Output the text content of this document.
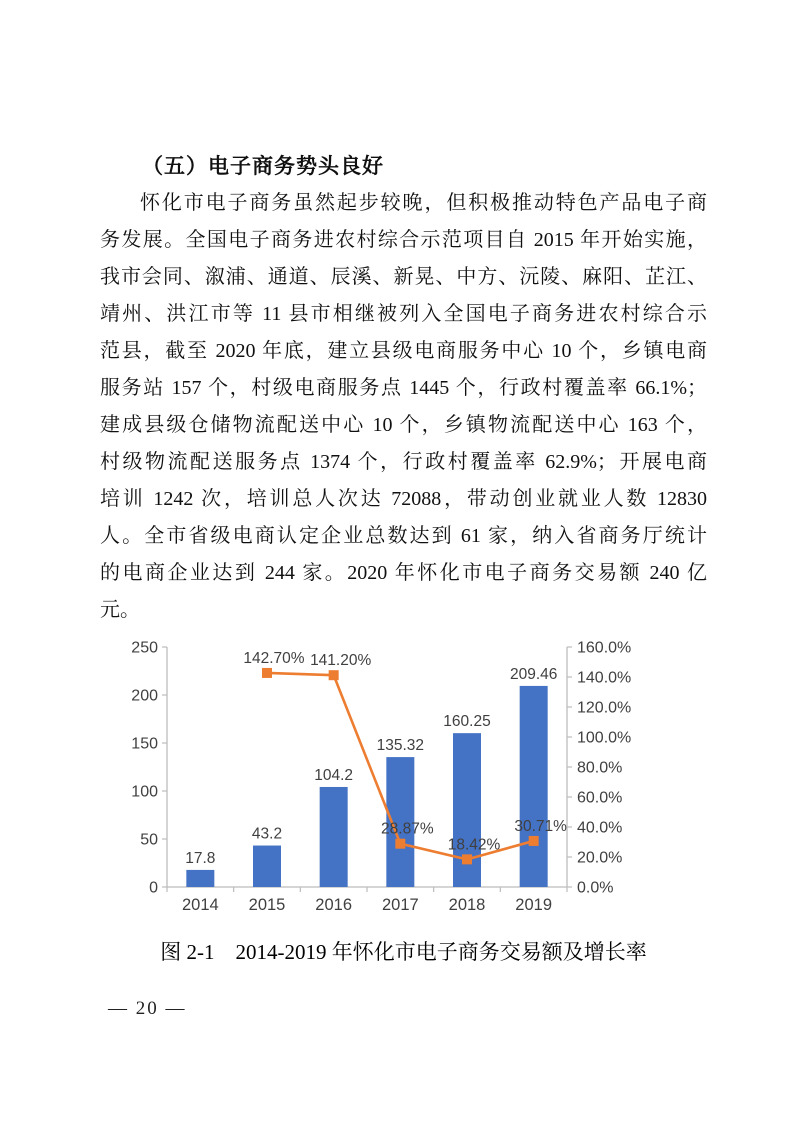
（五）电子商务势头良好
怀化市电子商务虽然起步较晚，但积极推动特色产品电子商
务发展。全国电子商务进农村综合示范项目自 2015 年开始实施，
我市会同、溆浦、通道、辰溪、新晃、中方、沅陵、麻阳、芷江、
靖州、洪江市等 11 县市相继被列入全国电子商务进农村综合示
范县，截至 2020 年底，建立县级电商服务中心 10 个，乡镇电商
服务站 157 个，村级电商服务点 1445 个，行政村覆盖率 66.1%；
建成县级仓储物流配送中心 10 个，乡镇物流配送中心 163 个，
村级物流配送服务点 1374 个，行政村覆盖率 62.9%；开展电商
培训 1242 次，培训总人次达 72088，带动创业就业人数 12830
人。全市省级电商认定企业总数达到 61 家，纳入省商务厅统计
的电商企业达到 244 家。2020 年怀化市电子商务交易额 240 亿
元。
0
50
100
150
200
250
0.0%
20.0%
40.0%
60.0%
80.0%
100.0%
120.0%
140.0%
160.0%
2014 2015 2016 2017 2018 2019
17.8
43.2
104.2
135.32
160.25
209.46
142.70% 141.20%
28.87%
18.42%
30.71%
图 2-1　2014-2019 年怀化市电子商务交易额及增长率
— 20 —
